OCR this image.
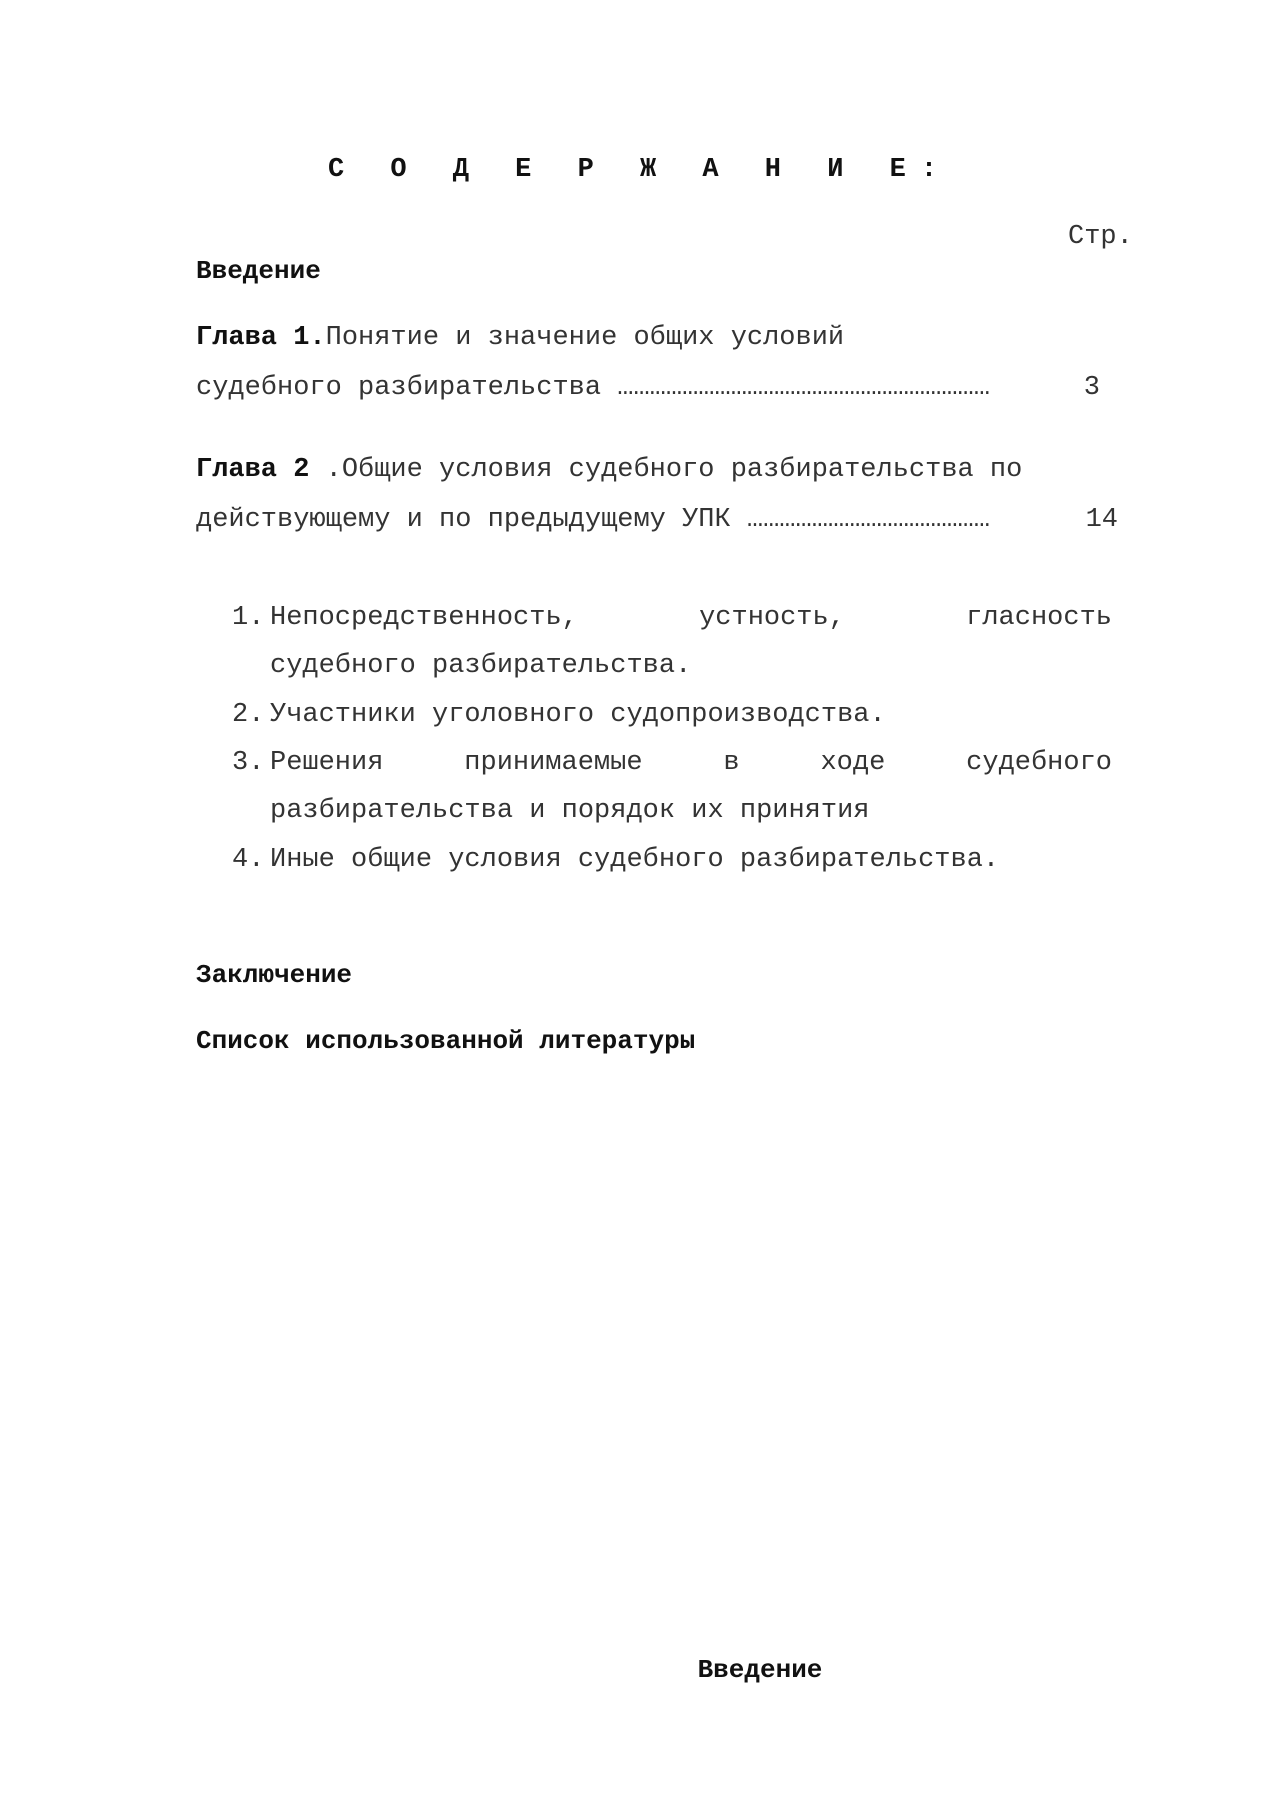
С О Д Е Р Ж А Н И Е:
Стр.
Введение
Глава 1.Понятие и значение общих условий
судебного разбирательства ……………………………………………………………	3
Глава 2 .Общие условия судебного разбирательства по
действующему и по предыдущему УПК ………………………………………	14
1. Непосредственность,	устность,	гласность
судебного разбирательства.
2. Участники уголовного судопроизводства.
3. Решения	принимаемые	в	ходе	судебного
разбирательства и порядок их принятия
4. Иные общие условия судебного разбирательства.
Заключение
Список использованной литературы
Введение
